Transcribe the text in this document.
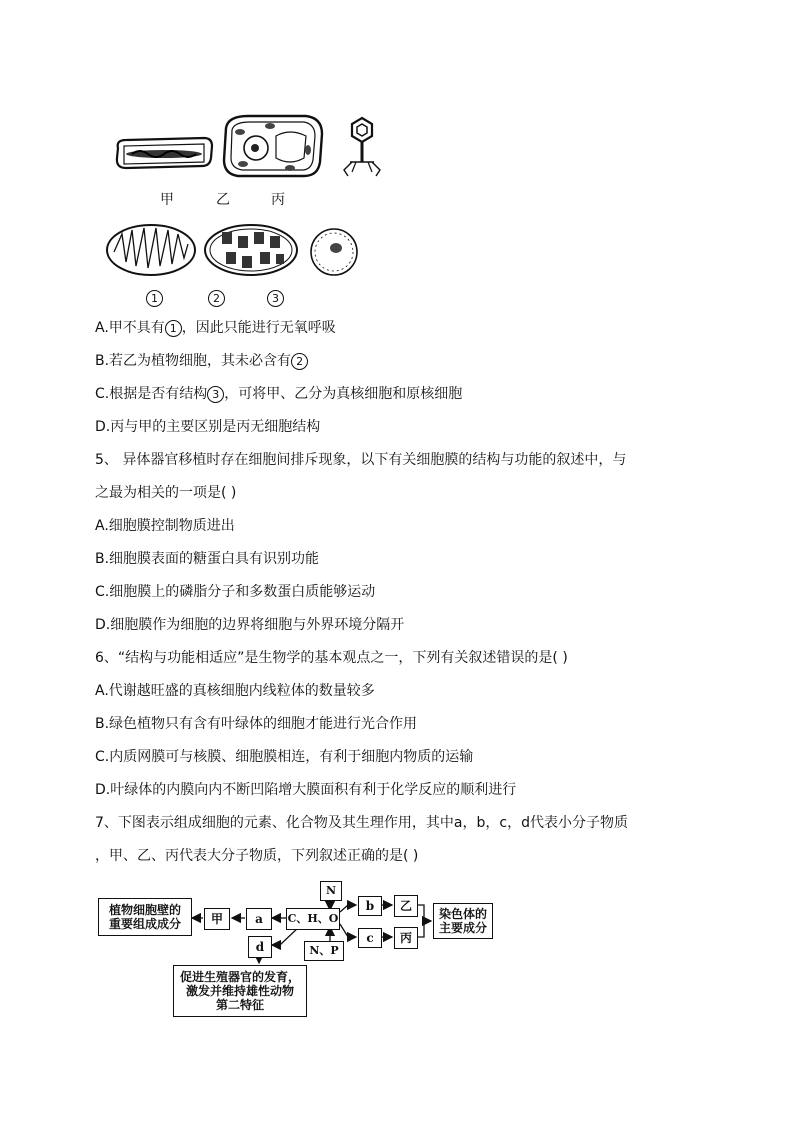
甲	乙	丙
1	2	3
A.甲不具有 1 ，因此只能进行无氧呼吸
B.若乙为植物细胞，其未必含有 2
C.根据是否有结构 3 ，可将甲、乙分为真核细胞和原核细胞
D.丙与甲的主要区别是丙无细胞结构
5、 异体器官移植时存在细胞间排斥现象，以下有关细胞膜的结构与功能的叙述中，与
之最为相关的一项是( )
A.细胞膜控制物质进出
B.细胞膜表面的糖蛋白具有识别功能
C.细胞膜上的磷脂分子和多数蛋白质能够运动
D.细胞膜作为细胞的边界将细胞与外界环境分隔开
6、“结构与功能相适应”是生物学的基本观点之一，下列有关叙述错误的是( )
A.代谢越旺盛的真核细胞内线粒体的数量较多
B.绿色植物只有含有叶绿体的细胞才能进行光合作用
C.内质网膜可与核膜、细胞膜相连，有利于细胞内物质的运输
D.叶绿体的内膜向内不断凹陷增大膜面积有利于化学反应的顺利进行
7、下图表示组成细胞的元素、化合物及其生理作用，其中a，b，c，d代表小分子物质
，甲、乙、丙代表大分子物质，下列叙述正确的是( )
植物细胞壁的
重要组成成分	甲	a	C、H、O
N
N、P
b
c
乙
丙
染色体的
主要成分
d
促进生殖器官的发育，
激发并维持雄性动物
第二特征
